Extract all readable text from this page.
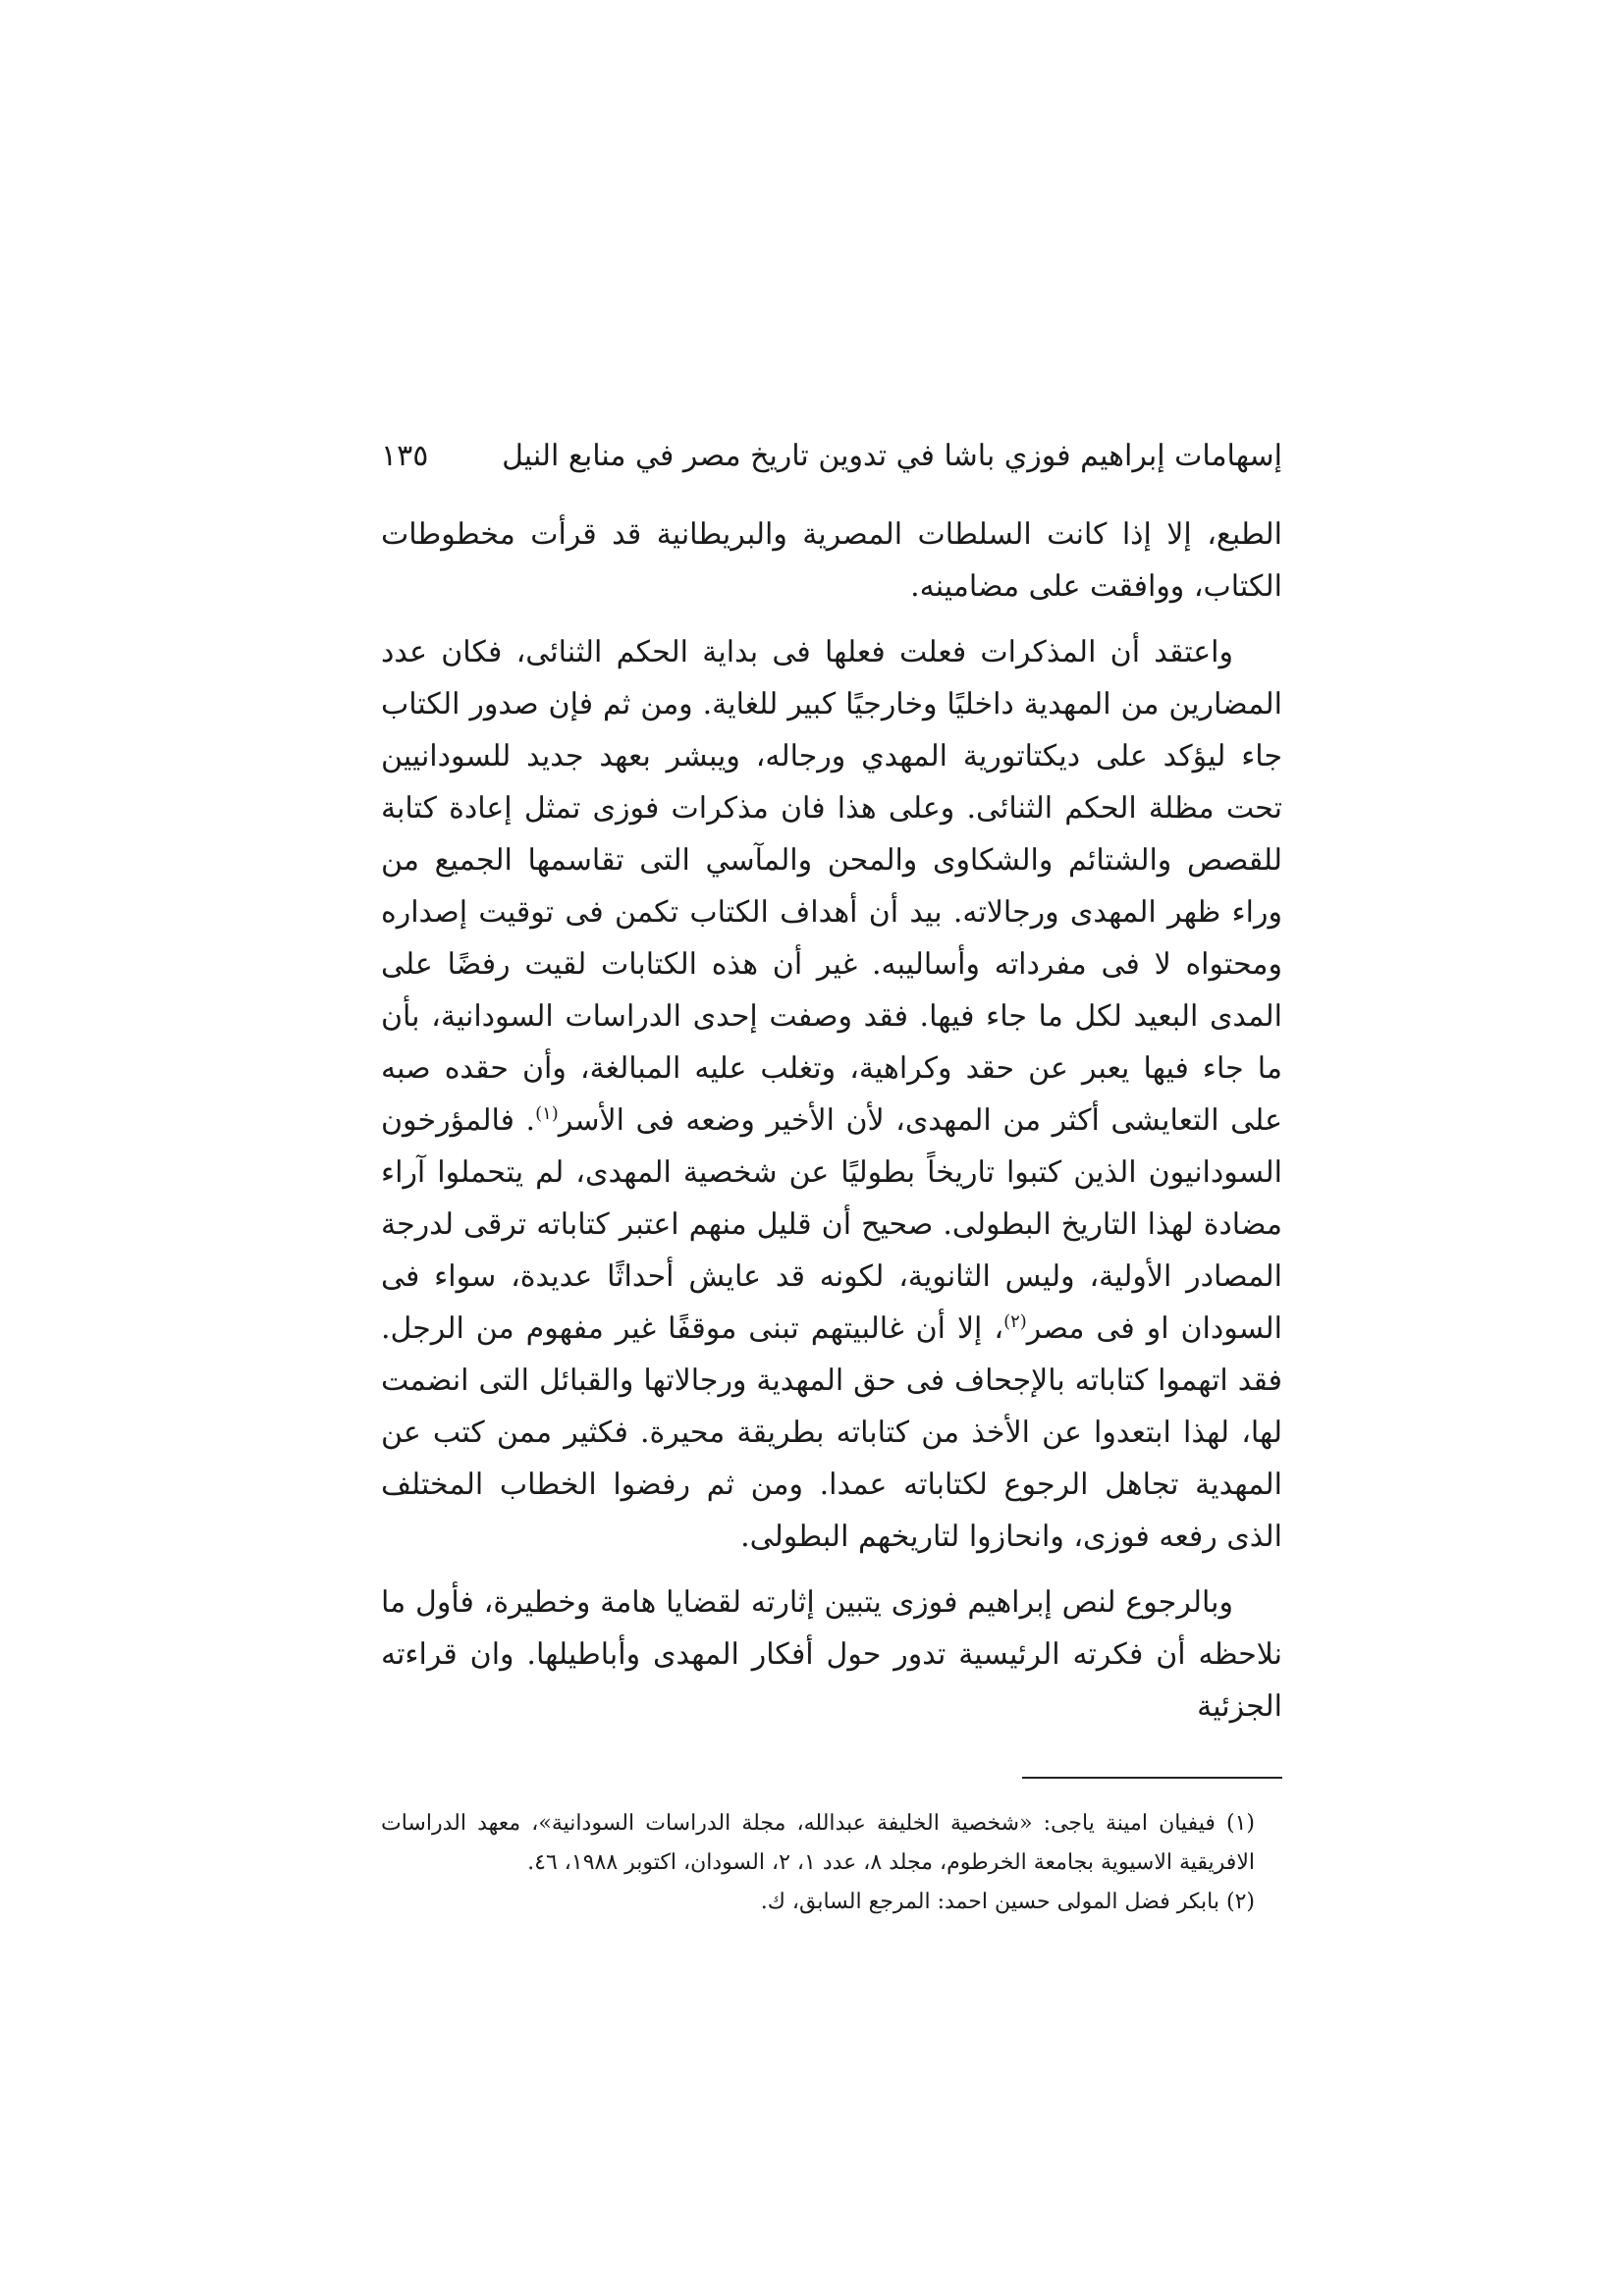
إسهامات إبراهيم فوزي باشا في تدوين تاريخ مصر في منابع النيل
١٣٥

الطبع، إلا إذا كانت السلطات المصرية والبريطانية قد قرأت مخطوطات الكتاب، ووافقت على مضامينه.

واعتقد أن المذكرات فعلت فعلها فى بداية الحكم الثنائى، فكان عدد المضارين من المهدية داخليًا وخارجيًا كبير للغاية. ومن ثم فإن صدور الكتاب جاء ليؤكد على ديكتاتورية المهدي ورجاله، ويبشر بعهد جديد للسودانيين تحت مظلة الحكم الثنائى. وعلى هذا فان مذكرات فوزى تمثل إعادة كتابة للقصص والشتائم والشكاوى والمحن والمآسي التى تقاسمها الجميع من وراء ظهر المهدى ورجالاته. بيد أن أهداف الكتاب تكمن فى توقيت إصداره ومحتواه لا فى مفرداته وأساليبه. غير أن هذه الكتابات لقيت رفضًا على المدى البعيد لكل ما جاء فيها. فقد وصفت إحدى الدراسات السودانية، بأن ما جاء فيها يعبر عن حقد وكراهية، وتغلب عليه المبالغة، وأن حقده صبه على التعايشى أكثر من المهدى، لأن الأخير وضعه فى الأسر$^{(١)}$. فالمؤرخون السودانيون الذين كتبوا تاريخاً بطوليًا عن شخصية المهدى، لم يتحملوا آراء مضادة لهذا التاريخ البطولى. صحيح أن قليل منهم اعتبر كتاباته ترقى لدرجة المصادر الأولية، وليس الثانوية، لكونه قد عايش أحداثًا عديدة، سواء فى السودان او فى مصر$^{(٢)}$، إلا أن غالبيتهم تبنى موقفًا غير مفهوم من الرجل. فقد اتهموا كتاباته بالإجحاف فى حق المهدية ورجالاتها والقبائل التى انضمت لها، لهذا ابتعدوا عن الأخذ من كتاباته بطريقة محيرة. فكثير ممن كتب عن المهدية تجاهل الرجوع لكتاباته عمدا. ومن ثم رفضوا الخطاب المختلف الذى رفعه فوزى، وانحازوا لتاريخهم البطولى.

وبالرجوع لنص إبراهيم فوزى يتبين إثارته لقضايا هامة وخطيرة، فأول ما نلاحظه أن فكرته الرئيسية تدور حول أفكار المهدى وأباطيلها. وان قراءته الجزئية

(١) فيفيان امينة ياجى: «شخصية الخليفة عبدالله، مجلة الدراسات السودانية»، معهد الدراسات الافريقية الاسيوية بجامعة الخرطوم، مجلد ٨، عدد ١، ٢، السودان، اكتوبر ١٩٨٨، ٤٦.

(٢) بابكر فضل المولى حسين احمد: المرجع السابق، ك.
